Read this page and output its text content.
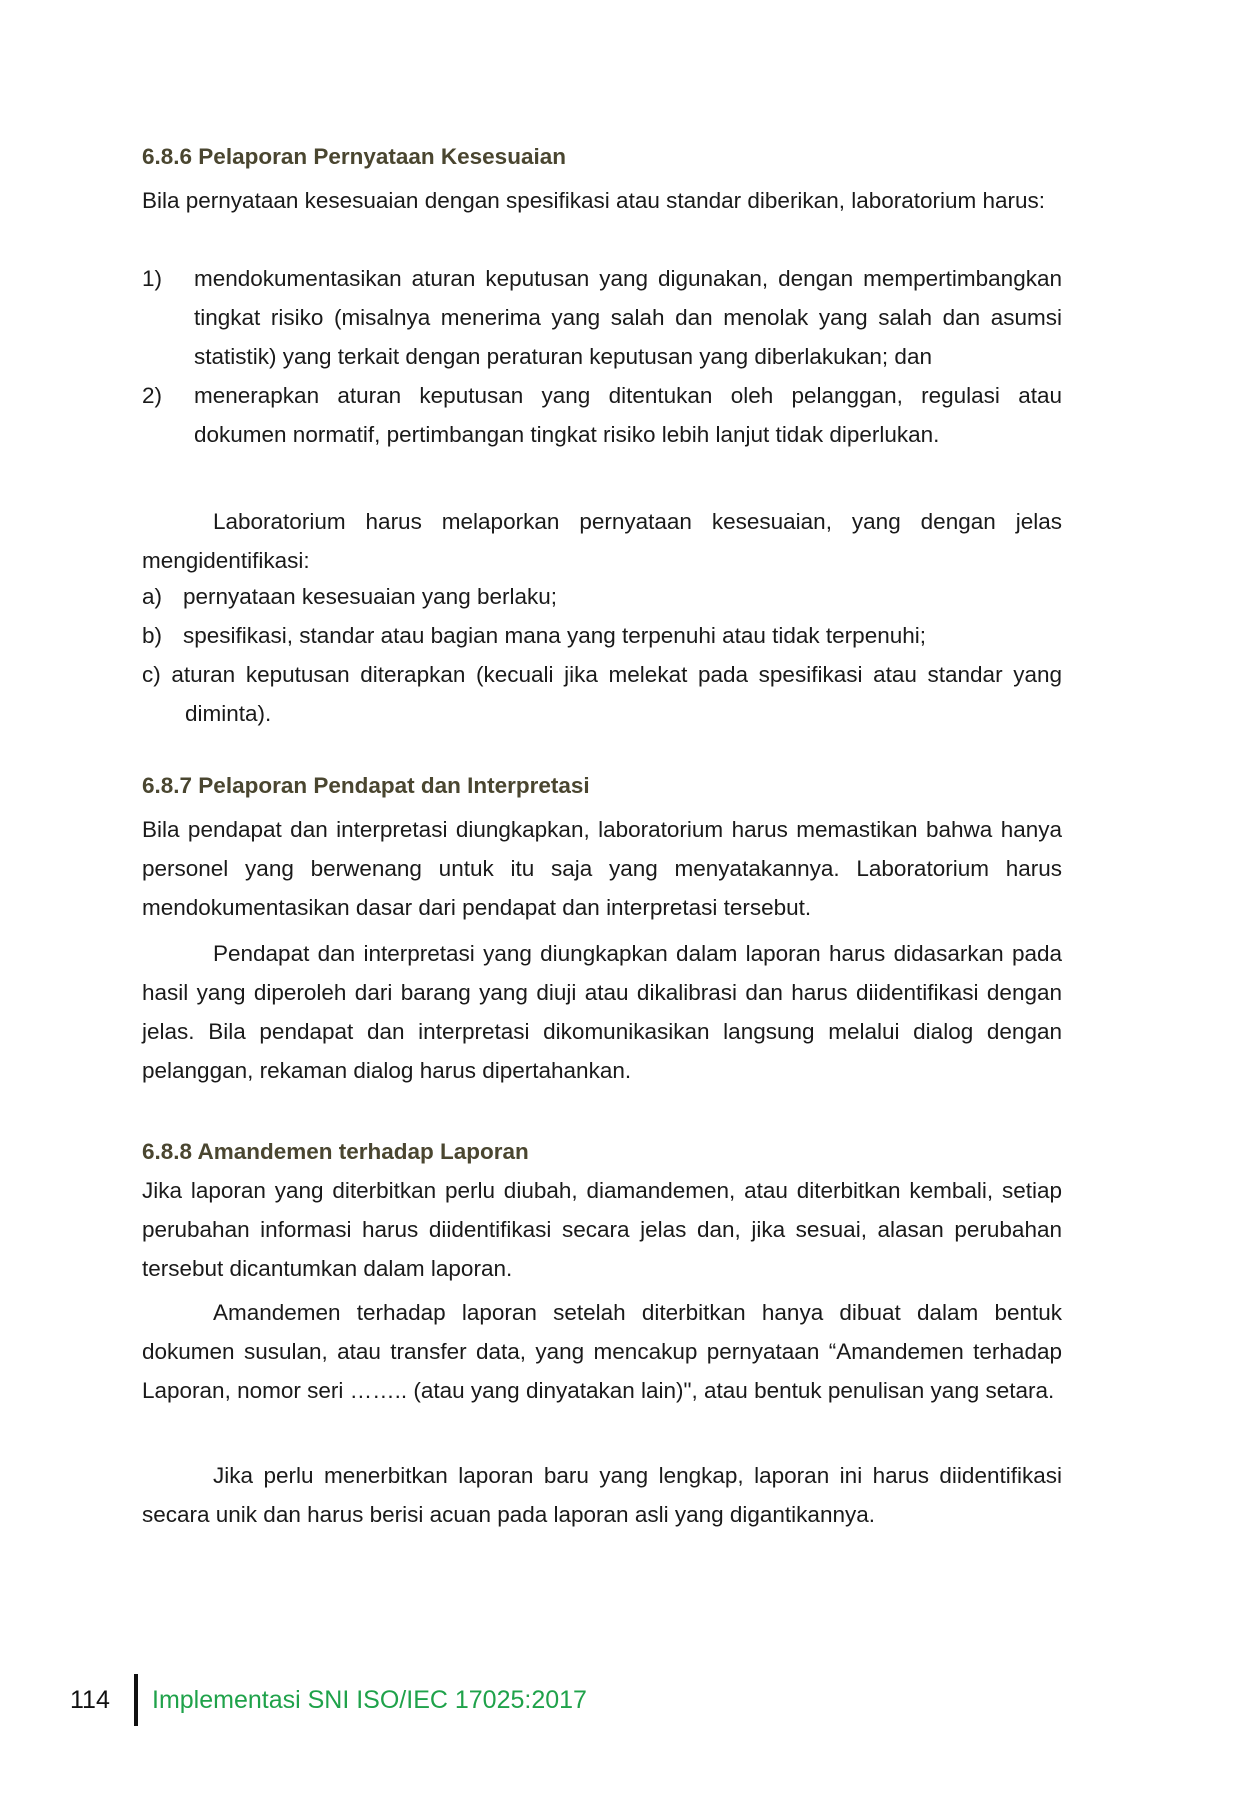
6.8.6 Pelaporan Pernyataan Kesesuaian
Bila pernyataan kesesuaian dengan spesifikasi atau standar diberikan, laboratorium harus:
1)	mendokumentasikan aturan keputusan yang digunakan, dengan mempertimbangkan tingkat risiko (misalnya menerima yang salah dan menolak yang salah dan asumsi statistik) yang terkait dengan peraturan keputusan yang diberlakukan; dan
2)	menerapkan aturan keputusan yang ditentukan oleh pelanggan, regulasi atau dokumen normatif, pertimbangan tingkat risiko lebih lanjut tidak diperlukan.
Laboratorium harus melaporkan pernyataan kesesuaian, yang dengan jelas mengidentifikasi:
a) pernyataan kesesuaian yang berlaku;
b) spesifikasi, standar atau bagian mana yang terpenuhi atau tidak terpenuhi;
c) aturan keputusan diterapkan (kecuali jika melekat pada spesifikasi atau standar yang diminta).
6.8.7 Pelaporan Pendapat dan Interpretasi
Bila pendapat dan interpretasi diungkapkan, laboratorium harus memastikan bahwa hanya personel yang berwenang untuk itu saja yang menyatakannya. Laboratorium harus mendokumentasikan dasar dari pendapat dan interpretasi tersebut.
Pendapat dan interpretasi yang diungkapkan dalam laporan harus didasarkan pada hasil yang diperoleh dari barang yang diuji atau dikalibrasi dan harus diidentifikasi dengan jelas. Bila pendapat dan interpretasi dikomunikasikan langsung melalui dialog dengan pelanggan, rekaman dialog harus dipertahankan.
6.8.8 Amandemen terhadap Laporan
Jika laporan yang diterbitkan perlu diubah, diamandemen, atau diterbitkan kembali, setiap perubahan informasi harus diidentifikasi secara jelas dan, jika sesuai, alasan perubahan tersebut dicantumkan dalam laporan.
Amandemen terhadap laporan setelah diterbitkan hanya dibuat dalam bentuk dokumen susulan, atau transfer data, yang mencakup pernyataan “Amandemen terhadap Laporan, nomor seri …….. (atau yang dinyatakan lain)", atau bentuk penulisan yang setara.
Jika perlu menerbitkan laporan baru yang lengkap, laporan ini harus diidentifikasi secara unik dan harus berisi acuan pada laporan asli yang digantikannya.
114	Implementasi SNI ISO/IEC 17025:2017
